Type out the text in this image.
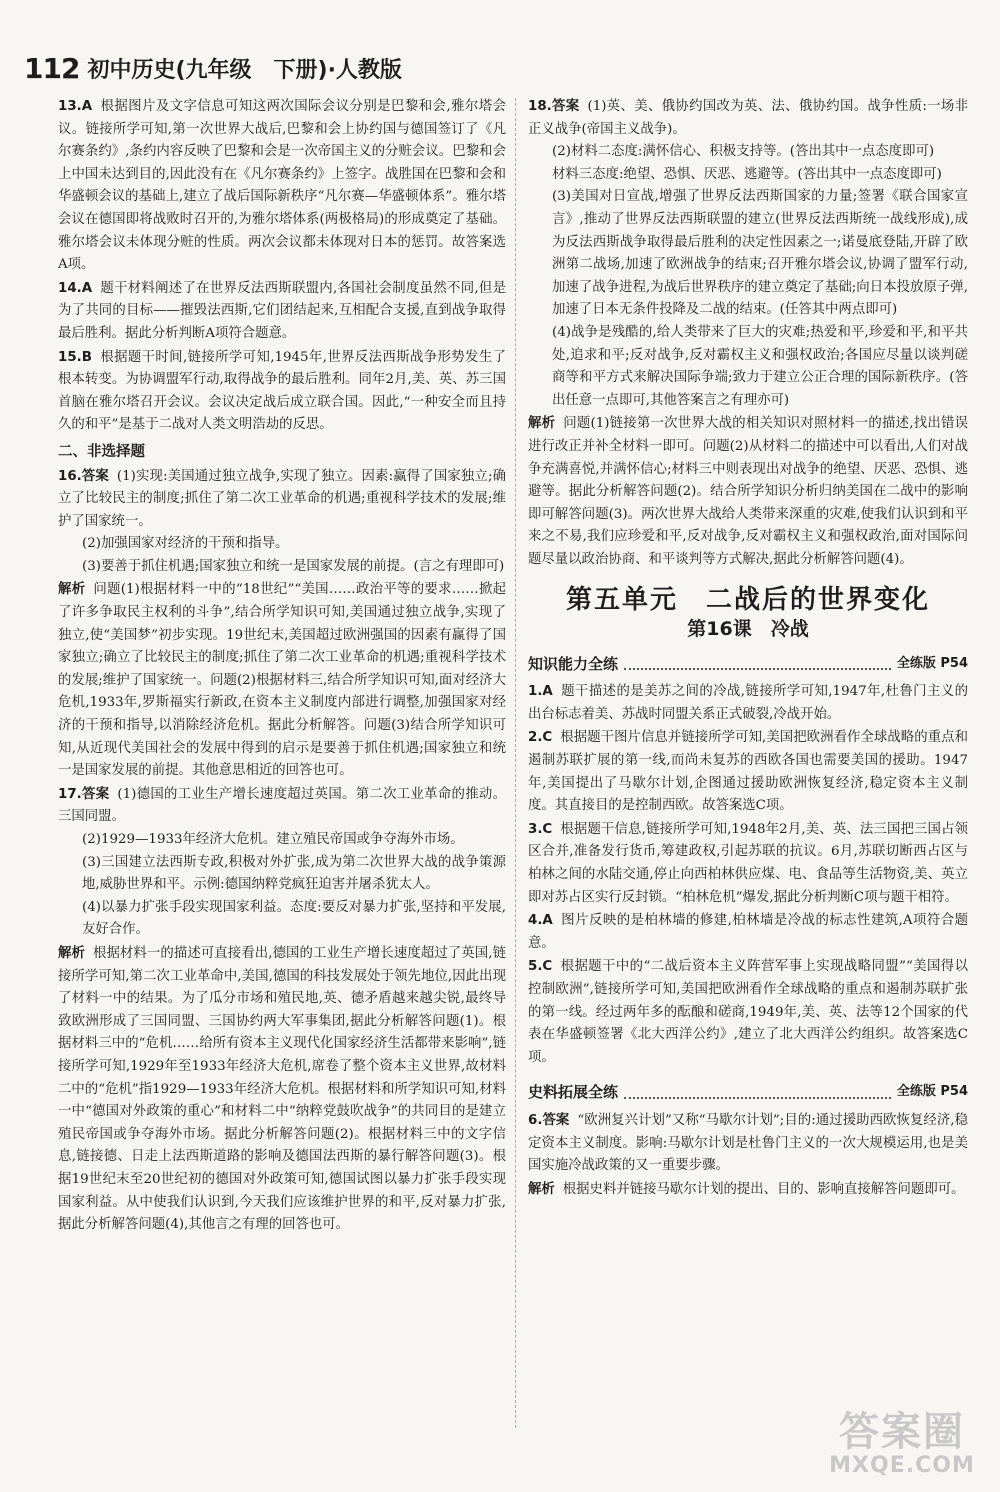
112 初中历史(九年级　下册)·人教版

13.A 根据图片及文字信息可知这两次国际会议分别是巴黎和会,雅尔塔会议。链接所学可知,第一次世界大战后,巴黎和会上协约国与德国签订了《凡尔赛条约》,条约内容反映了巴黎和会是一次帝国主义的分赃会议。巴黎和会上中国未达到目的,因此没有在《凡尔赛条约》上签字。战胜国在巴黎和会和华盛顿会议的基础上,建立了战后国际新秩序“凡尔赛—华盛顿体系”。雅尔塔会议在德国即将战败时召开的,为雅尔塔体系(两极格局)的形成奠定了基础。雅尔塔会议未体现分赃的性质。两次会议都未体现对日本的惩罚。故答案选A项。

14.A 题干材料阐述了在世界反法西斯联盟内,各国社会制度虽然不同,但是为了共同的目标——摧毁法西斯,它们团结起来,互相配合支援,直到战争取得最后胜利。据此分析判断A项符合题意。

15.B 根据题干时间,链接所学可知,1945年,世界反法西斯战争形势发生了根本转变。为协调盟军行动,取得战争的最后胜利。同年2月,美、英、苏三国首脑在雅尔塔召开会议。会议决定战后成立联合国。因此,“一种安全而且持久的和平”是基于二战对人类文明浩劫的反思。

二、非选择题

16.答案 (1)实现:美国通过独立战争,实现了独立。因素:赢得了国家独立;确立了比较民主的制度;抓住了第二次工业革命的机遇;重视科学技术的发展;维护了国家统一。

(2)加强国家对经济的干预和指导。

(3)要善于抓住机遇;国家独立和统一是国家发展的前提。(言之有理即可)

解析 问题(1)根据材料一中的“18世纪”“美国……政治平等的要求……掀起了许多争取民主权利的斗争”,结合所学知识可知,美国通过独立战争,实现了独立,使“美国梦”初步实现。19世纪末,美国超过欧洲强国的因素有赢得了国家独立;确立了比较民主的制度;抓住了第二次工业革命的机遇;重视科学技术的发展;维护了国家统一。问题(2)根据材料三,结合所学知识可知,面对经济大危机,1933年,罗斯福实行新政,在资本主义制度内部进行调整,加强国家对经济的干预和指导,以消除经济危机。据此分析解答。问题(3)结合所学知识可知,从近现代美国社会的发展中得到的启示是要善于抓住机遇;国家独立和统一是国家发展的前提。其他意思相近的回答也可。

17.答案 (1)德国的工业生产增长速度超过英国。第二次工业革命的推动。三国同盟。

(2)1929—1933年经济大危机。建立殖民帝国或争夺海外市场。

(3)三国建立法西斯专政,积极对外扩张,成为第二次世界大战的战争策源地,威胁世界和平。示例:德国纳粹党疯狂迫害并屠杀犹太人。

(4)以暴力扩张手段实现国家利益。态度:要反对暴力扩张,坚持和平发展,友好合作。

解析 根据材料一的描述可直接看出,德国的工业生产增长速度超过了英国,链接所学可知,第二次工业革命中,美国,德国的科技发展处于领先地位,因此出现了材料一中的结果。为了瓜分市场和殖民地,英、德矛盾越来越尖锐,最终导致欧洲形成了三国同盟、三国协约两大军事集团,据此分析解答问题(1)。根据材料三中的“危机……给所有资本主义现代化国家经济生活都带来影响”,链接所学可知,1929年至1933年经济大危机,席卷了整个资本主义世界,故材料二中的“危机”指1929—1933年经济大危机。根据材料和所学知识可知,材料一中“德国对外政策的重心”和材料二中“纳粹党鼓吹战争”的共同目的是建立殖民帝国或争夺海外市场。据此分析解答问题(2)。根据材料三中的文字信息,链接德、日走上法西斯道路的影响及德国法西斯的暴行解答问题(3)。根据19世纪末至20世纪初的德国对外政策可知,德国试图以暴力扩张手段实现国家利益。从中使我们认识到,今天我们应该维护世界的和平,反对暴力扩张,据此分析解答问题(4),其他言之有理的回答也可。

18.答案 (1)英、美、俄协约国改为英、法、俄协约国。战争性质:一场非正义战争(帝国主义战争)。

(2)材料二态度:满怀信心、积极支持等。(答出其中一点态度即可)

材料三态度:绝望、恐惧、厌恶、逃避等。(答出其中一点态度即可)

(3)美国对日宣战,增强了世界反法西斯国家的力量;签署《联合国家宣言》,推动了世界反法西斯联盟的建立(世界反法西斯统一战线形成),成为反法西斯战争取得最后胜利的决定性因素之一;诺曼底登陆,开辟了欧洲第二战场,加速了欧洲战争的结束;召开雅尔塔会议,协调了盟军行动,加速了战争进程,为战后世界秩序的建立奠定了基础;向日本投放原子弹,加速了日本无条件投降及二战的结束。(任答其中两点即可)

(4)战争是残酷的,给人类带来了巨大的灾难;热爱和平,珍爱和平,和平共处,追求和平;反对战争,反对霸权主义和强权政治;各国应尽量以谈判磋商等和平方式来解决国际争端;致力于建立公正合理的国际新秩序。(答出任意一点即可,其他答案言之有理亦可)

解析 问题(1)链接第一次世界大战的相关知识对照材料一的描述,找出错误进行改正并补全材料一即可。问题(2)从材料二的描述中可以看出,人们对战争充满喜悦,并满怀信心;材料三中则表现出对战争的绝望、厌恶、恐惧、逃避等。据此分析解答问题(2)。结合所学知识分析归纳美国在二战中的影响即可解答问题(3)。两次世界大战给人类带来深重的灾难,使我们认识到和平来之不易,我们应珍爱和平,反对战争,反对霸权主义和强权政治,面对国际问题尽量以政治协商、和平谈判等方式解决,据此分析解答问题(4)。

第五单元　二战后的世界变化
第16课　冷战
知识能力全练	全练版 P54

1.A 题干描述的是美苏之间的冷战,链接所学可知,1947年,杜鲁门主义的出台标志着美、苏战时同盟关系正式破裂,冷战开始。

2.C 根据题干图片信息并链接所学可知,美国把欧洲看作全球战略的重点和遏制苏联扩展的第一线,而尚未复苏的西欧各国也需要美国的援助。1947年,美国提出了马歇尔计划,企图通过援助欧洲恢复经济,稳定资本主义制度。其直接目的是控制西欧。故答案选C项。

3.C 根据题干信息,链接所学可知,1948年2月,美、英、法三国把三国占领区合并,准备发行货币,筹建政权,引起苏联的抗议。6月,苏联切断西占区与柏林之间的水陆交通,停止向西柏林供应煤、电、食品等生活物资,美、英立即对苏占区实行反封锁。“柏林危机”爆发,据此分析判断C项与题干相符。

4.A 图片反映的是柏林墙的修建,柏林墙是冷战的标志性建筑,A项符合题意。

5.C 根据题干中的“二战后资本主义阵营军事上实现战略同盟”“美国得以控制欧洲”,链接所学可知,美国把欧洲看作全球战略的重点和遏制苏联扩张的第一线。经过两年多的酝酿和磋商,1949年,美、英、法等12个国家的代表在华盛顿签署《北大西洋公约》,建立了北大西洋公约组织。故答案选C项。

史料拓展全练	全练版 P54

6.答案 “欧洲复兴计划”又称“马歇尔计划”;目的:通过援助西欧恢复经济,稳定资本主义制度。影响:马歇尔计划是杜鲁门主义的一次大规模运用,也是美国实施冷战政策的又一重要步骤。

解析 根据史料并链接马歇尔计划的提出、目的、影响直接解答问题即可。

答案圈
MXQE.COM
